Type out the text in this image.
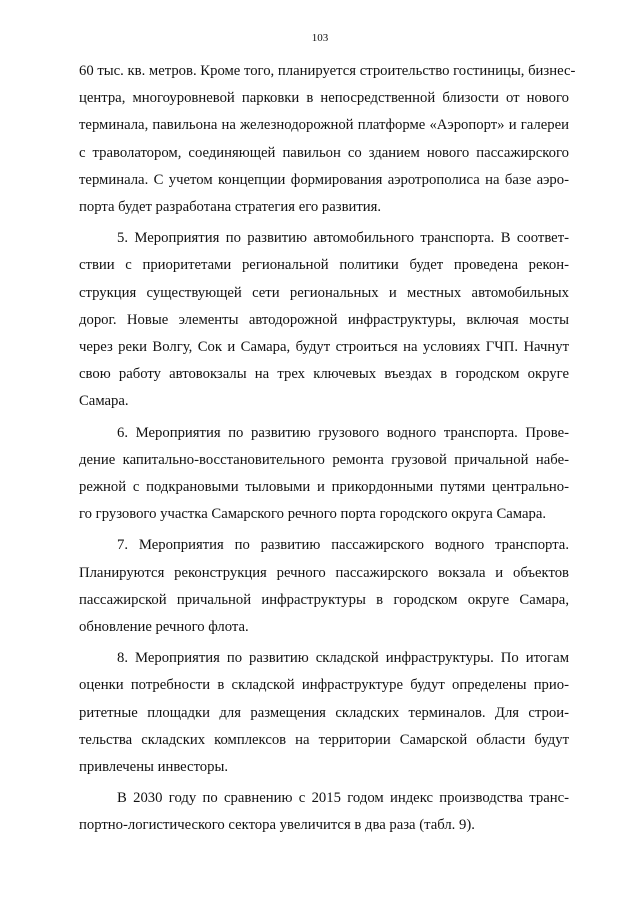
103
60 тыс. кв. метров. Кроме того, планируется строительство гостиницы, бизнес-
центра, многоуровневой парковки в непосредственной близости от нового
терминала, павильона на железнодорожной платформе «Аэропорт» и галереи
с траволатором, соединяющей павильон со зданием нового пассажирского
терминала. С учетом концепции формирования аэротрополиса на базе аэро-
порта будет разработана стратегия его развития.
5. Мероприятия по развитию автомобильного транспорта. В соответ-
ствии с приоритетами региональной политики будет проведена рекон-
струкция существующей сети региональных и местных автомобильных
дорог. Новые элементы автодорожной инфраструктуры, включая мосты
через реки Волгу, Сок и Самара, будут строиться на условиях ГЧП. Начнут
свою работу автовокзалы на трех ключевых въездах в городском округе
Самара.
6. Мероприятия по развитию грузового водного транспорта. Прове-
дение капитально-восстановительного ремонта грузовой причальной набе-
режной с подкрановыми тыловыми и прикордонными путями центрально-
го грузового участка Самарского речного порта городского округа Самара.
7. Мероприятия по развитию пассажирского водного транспорта.
Планируются реконструкция речного пассажирского вокзала и объектов
пассажирской причальной инфраструктуры в городском округе Самара,
обновление речного флота.
8. Мероприятия по развитию складской инфраструктуры. По итогам
оценки потребности в складской инфраструктуре будут определены прио-
ритетные площадки для размещения складских терминалов. Для строи-
тельства складских комплексов на территории Самарской области будут
привлечены инвесторы.
В 2030 году по сравнению с 2015 годом индекс производства транс-
портно-логистического сектора увеличится в два раза (табл. 9).
